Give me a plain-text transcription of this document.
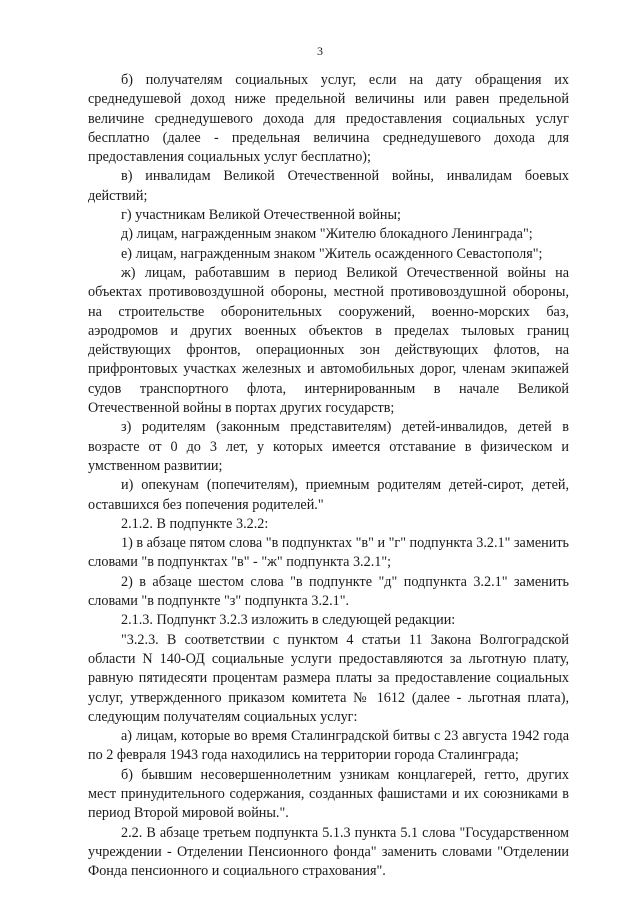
3

б) получателям социальных услуг, если на дату обращения их среднедушевой доход ниже предельной величины или равен предельной величине среднедушевого дохода для предоставления социальных услуг бесплатно (далее - предельная величина среднедушевого дохода для предоставления социальных услуг бесплатно);

в) инвалидам Великой Отечественной войны, инвалидам боевых действий;

г) участникам Великой Отечественной войны;

д) лицам, награжденным знаком "Жителю блокадного Ленинграда";

е) лицам, награжденным знаком "Житель осажденного Севастополя";

ж) лицам, работавшим в период Великой Отечественной войны на объектах противовоздушной обороны, местной противовоздушной обороны, на строительстве оборонительных сооружений, военно-морских баз, аэродромов и других военных объектов в пределах тыловых границ действующих фронтов, операционных зон действующих флотов, на прифронтовых участках железных и автомобильных дорог, членам экипажей судов транспортного флота, интернированным в начале Великой Отечественной войны в портах других государств;

з) родителям (законным представителям) детей-инвалидов, детей в возрасте от 0 до 3 лет, у которых имеется отставание в физическом и умственном развитии;

и) опекунам (попечителям), приемным родителям детей-сирот, детей, оставшихся без попечения родителей."

2.1.2. В подпункте 3.2.2:

1) в абзаце пятом слова "в подпунктах "в" и "г" подпункта 3.2.1" заменить словами "в подпунктах "в" - "ж" подпункта 3.2.1";

2) в абзаце шестом слова "в подпункте "д" подпункта 3.2.1" заменить словами "в подпункте "з" подпункта 3.2.1".

2.1.3. Подпункт 3.2.3 изложить в следующей редакции:

"3.2.3. В соответствии с пунктом 4 статьи 11 Закона Волгоградской области N 140-ОД социальные услуги предоставляются за льготную плату, равную пятидесяти процентам размера платы за предоставление социальных услуг, утвержденного приказом комитета № 1612 (далее - льготная плата), следующим получателям социальных услуг:

а) лицам, которые во время Сталинградской битвы с 23 августа 1942 года по 2 февраля 1943 года находились на территории города Сталинграда;

б) бывшим несовершеннолетним узникам концлагерей, гетто, других мест принудительного содержания, созданных фашистами и их союзниками в период Второй мировой войны.".

2.2. В абзаце третьем подпункта 5.1.3 пункта 5.1 слова "Государственном учреждении - Отделении Пенсионного фонда" заменить словами "Отделении Фонда пенсионного и социального страхования".
